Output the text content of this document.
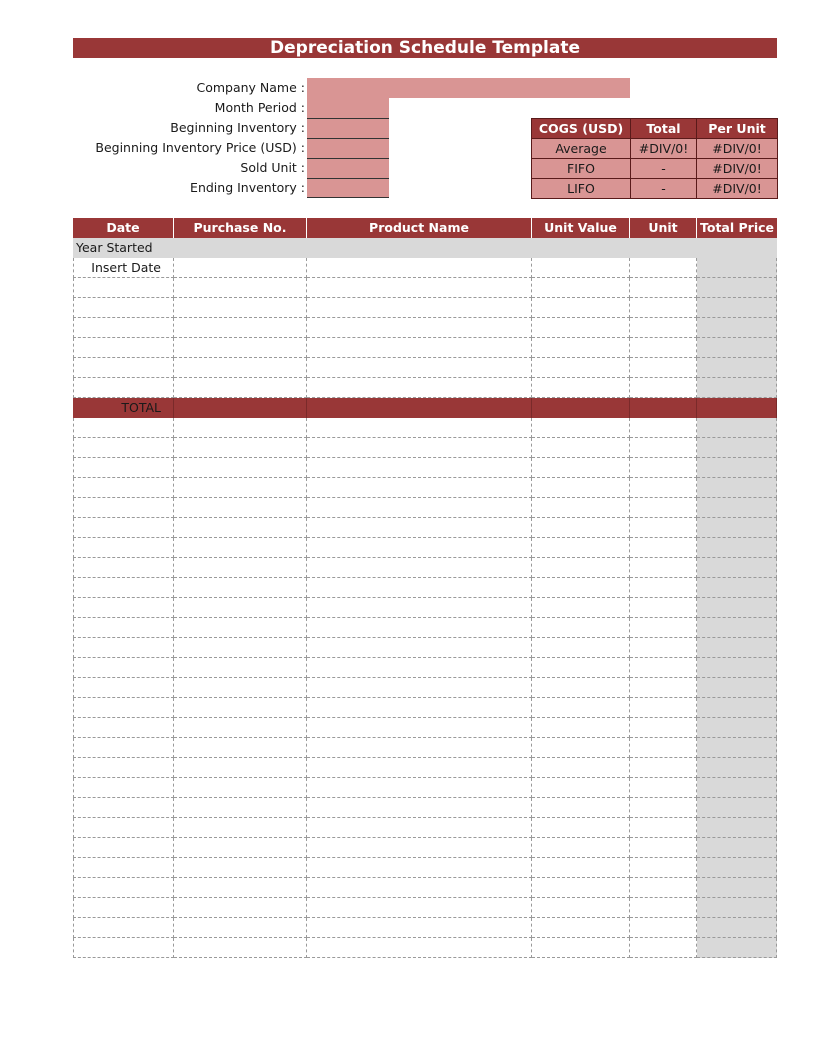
Depreciation Schedule Template
Company Name :
Month Period :
Beginning Inventory :
Beginning Inventory Price (USD) :
Sold Unit :
Ending Inventory :
COGS (USD)	Total	Per Unit
Average	#DIV/0!	#DIV/0!
FIFO	-	#DIV/0!
LIFO	-	#DIV/0!
Date	Purchase No.	Product Name	Unit Value	Unit	Total Price
Year Started
Insert Date
TOTAL
